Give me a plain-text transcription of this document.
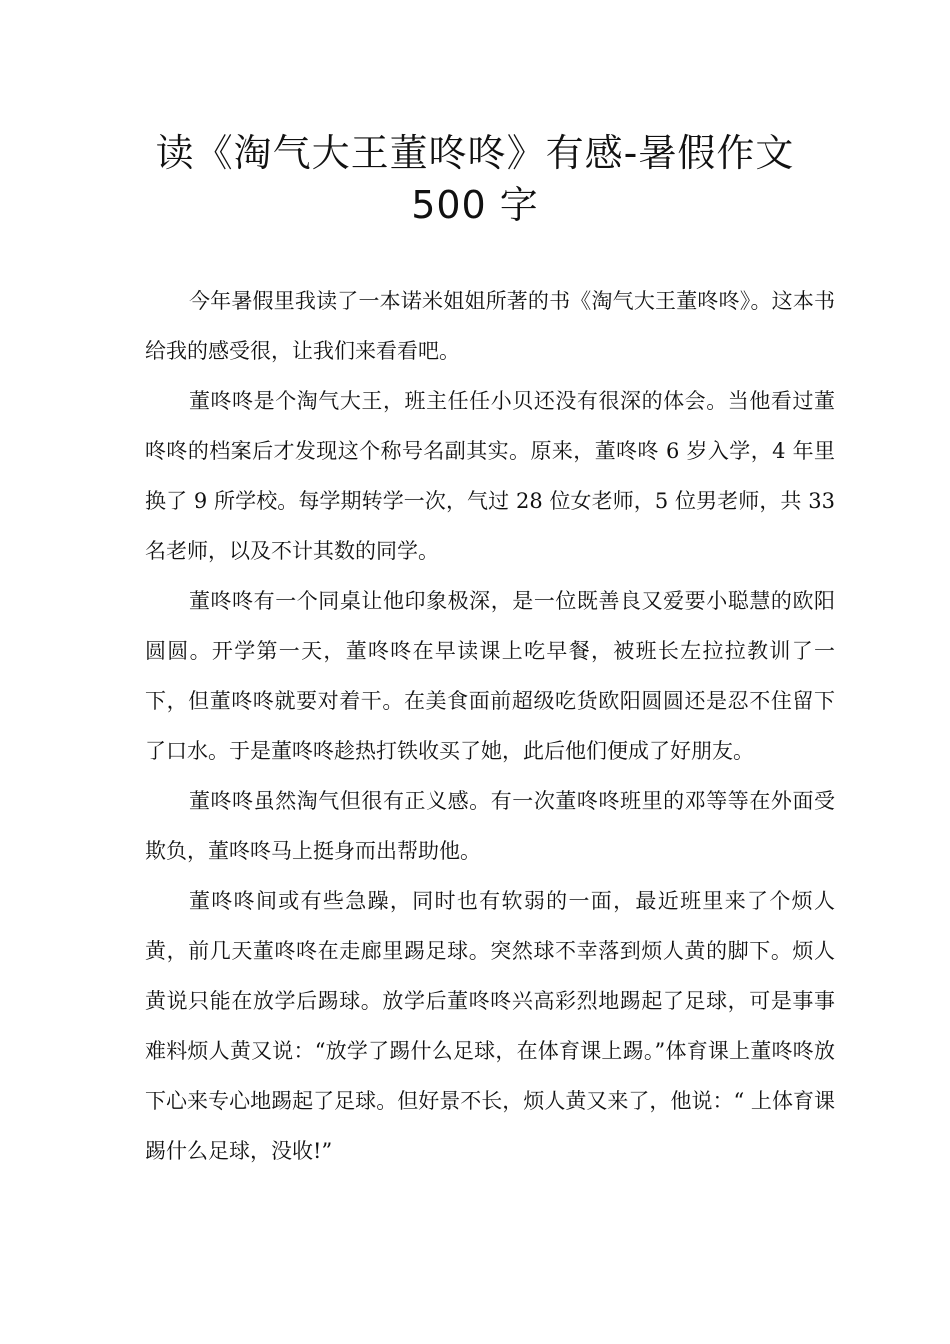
读《淘气大王董咚咚》有感-暑假作文
500 字

今年暑假里我读了一本诺米姐姐所著的书《淘气大王董咚咚》。这本书给我的感受很，让我们来看看吧。

董咚咚是个淘气大王，班主任任小贝还没有很深的体会。当他看过董咚咚的档案后才发现这个称号名副其实。原来，董咚咚 6 岁入学，4 年里换了 9 所学校。每学期转学一次，气过 28 位女老师，5 位男老师，共 33 名老师，以及不计其数的同学。

董咚咚有一个同桌让他印象极深，是一位既善良又爱要小聪慧的欧阳圆圆。开学第一天，董咚咚在早读课上吃早餐，被班长左拉拉教训了一下，但董咚咚就要对着干。在美食面前超级吃货欧阳圆圆还是忍不住留下了口水。于是董咚咚趁热打铁收买了她，此后他们便成了好朋友。

董咚咚虽然淘气但很有正义感。有一次董咚咚班里的邓等等在外面受欺负，董咚咚马上挺身而出帮助他。

董咚咚间或有些急躁，同时也有软弱的一面，最近班里来了个烦人黄，前几天董咚咚在走廊里踢足球。突然球不幸落到烦人黄的脚下。烦人黄说只能在放学后踢球。放学后董咚咚兴高彩烈地踢起了足球，可是事事难料烦人黄又说：“放学了踢什么足球，在体育课上踢。”体育课上董咚咚放下心来专心地踢起了足球。但好景不长，烦人黄又来了，他说：“ 上体育课踢什么足球，没收!”
